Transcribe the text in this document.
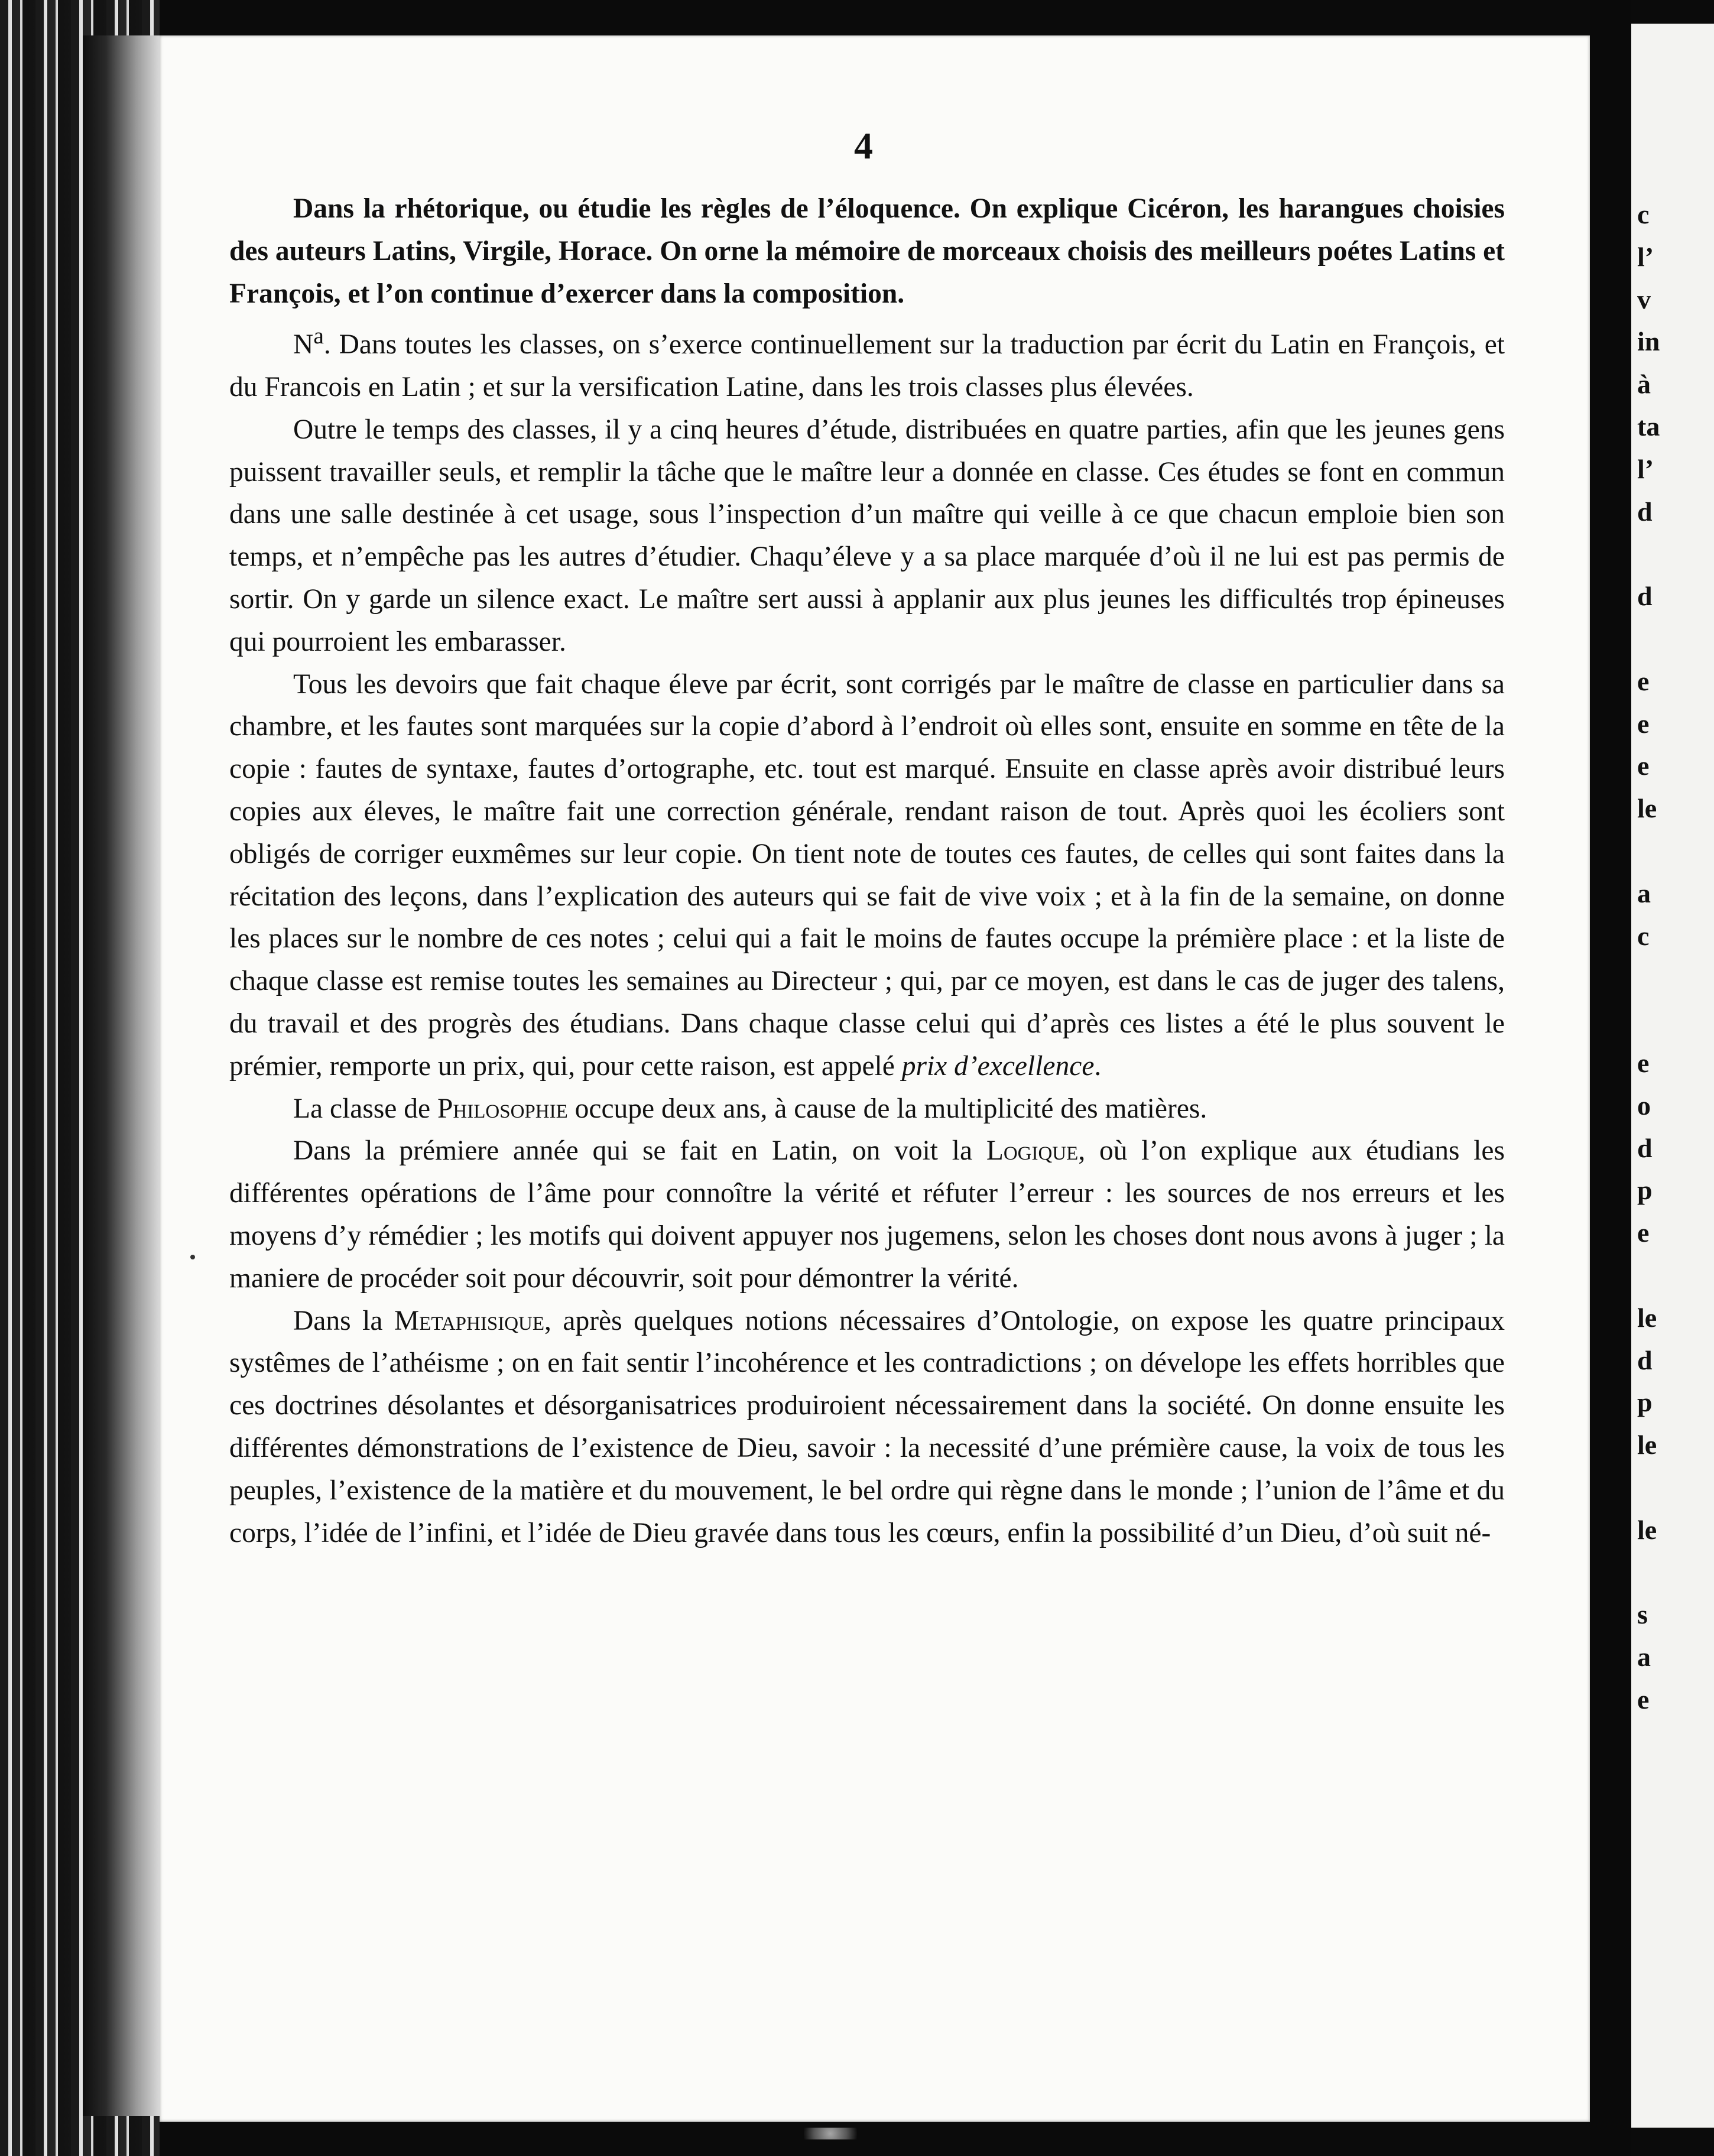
4

Dans la rhétorique, ou étudie les règles de l’éloquence. On explique Cicéron, les harangues choisies des auteurs Latins, Virgile, Horace. On orne la mémoire de morceaux choisis des meilleurs poétes Latins et François, et l’on continue d’exercer dans la composition.

$N^a$. Dans toutes les classes, on s’exerce continuellement sur la traduction par écrit du Latin en François, et du Francois en Latin ; et sur la versification Latine, dans les trois classes plus élevées.

Outre le temps des classes, il y a cinq heures d’étude, distribuées en quatre parties, afin que les jeunes gens puissent travailler seuls, et remplir la tâche que le maître leur a donnée en classe. Ces études se font en commun dans une salle destinée à cet usage, sous l’inspection d’un maître qui veille à ce que chacun emploie bien son temps, et n’empêche pas les autres d’étudier. Chaqu’éleve y a sa place marquée d’où il ne lui est pas permis de sortir. On y garde un silence exact. Le maître sert aussi à applanir aux plus jeunes les difficultés trop épineuses qui pourroient les embarasser.

Tous les devoirs que fait chaque éleve par écrit, sont corrigés par le maître de classe en particulier dans sa chambre, et les fautes sont marquées sur la copie d’abord à l’endroit où elles sont, ensuite en somme en tête de la copie : fautes de syntaxe, fautes d’ortographe, etc. tout est marqué. Ensuite en classe après avoir distribué leurs copies aux éleves, le maître fait une correction générale, rendant raison de tout. Après quoi les écoliers sont obligés de corriger euxmêmes sur leur copie. On tient note de toutes ces fautes, de celles qui sont faites dans la récitation des leçons, dans l’explication des auteurs qui se fait de vive voix ; et à la fin de la semaine, on donne les places sur le nombre de ces notes ; celui qui a fait le moins de fautes occupe la prémière place : et la liste de chaque classe est remise toutes les semaines au Directeur ; qui, par ce moyen, est dans le cas de juger des talens, du travail et des progrès des étudians. Dans chaque classe celui qui d’après ces listes a été le plus souvent le prémier, remporte un prix, qui, pour cette raison, est appelé prix d’excellence.

La classe de Philosophie occupe deux ans, à cause de la multiplicité des matières.

Dans la prémiere année qui se fait en Latin, on voit la Logique, où l’on explique aux étudians les différentes opérations de l’âme pour connoître la vérité et réfuter l’erreur : les sources de nos erreurs et les moyens d’y rémédier ; les motifs qui doivent appuyer nos jugemens, selon les choses dont nous avons à juger ; la maniere de procéder soit pour découvrir, soit pour démontrer la vérité.

Dans la Metaphisique, après quelques notions nécessaires d’Ontologie, on expose les quatre principaux systêmes de l’athéisme ; on en fait sentir l’incohérence et les contradictions ; on dévelope les effets horribles que ces doctrines désolantes et désorganisatrices produiroient nécessairement dans la société. On donne ensuite les différentes démonstrations de l’existence de Dieu, savoir : la necessité d’une prémière cause, la voix de tous les peuples, l’existence de la matière et du mouvement, le bel ordre qui règne dans le monde ; l’union de l’âme et du corps, l’idée de l’infini, et l’idée de Dieu gravée dans tous les cœurs, enfin la possibilité d’un Dieu, d’où suit né-

c
l’
v
in
à
ta
l’
d
d
e
e
e
le
a
c
e
o
d
p
e
le
d
p
le
le
s
a
e
